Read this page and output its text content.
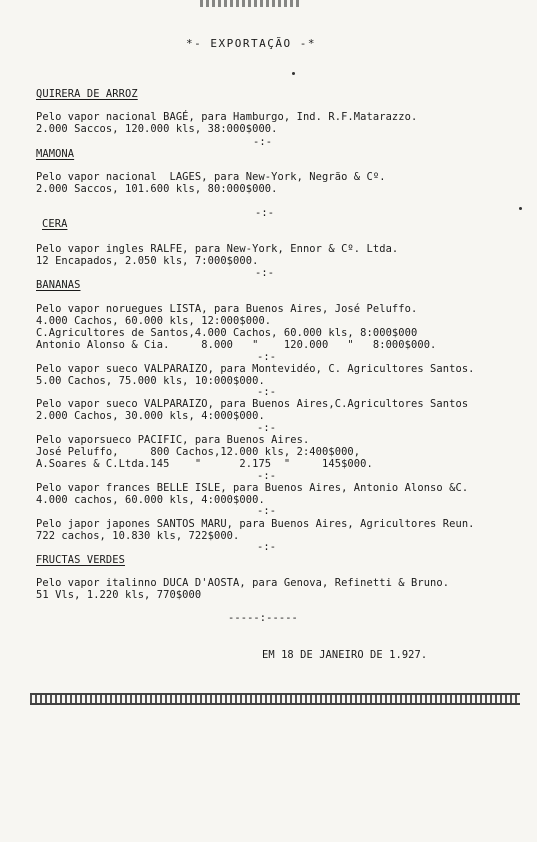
*- EXPORTAÇÃO -*
QUIRERA DE ARROZ
Pelo vapor nacional BAGÉ, para Hamburgo, Ind. R.F.Matarazzo.
2.000 Saccos, 120.000 kls, 38:000$000.
-:-
MAMONA
Pelo vapor nacional  LAGES, para New-York, Negrão & Cº.
2.000 Saccos, 101.600 kls, 80:000$000.
-:-
CERA
Pelo vapor ingles RALFE, para New-York, Ennor & Cº. Ltda.
12 Encapados, 2.050 kls, 7:000$000.
-:-
BANANAS
Pelo vapor noruegues LISTA, para Buenos Aires, José Peluffo.
4.000 Cachos, 60.000 kls, 12:000$000.
C.Agricultores de Santos,4.000 Cachos, 60.000 kls, 8:000$000
Antonio Alonso & Cia.     8.000   "    120.000   "   8:000$000.
-:-
Pelo vapor sueco VALPARAIZO, para Montevidéo, C. Agricultores Santos.
5.00 Cachos, 75.000 kls, 10:000$000.
-:-
Pelo vapor sueco VALPARAIZO, para Buenos Aires,C.Agricultores Santos
2.000 Cachos, 30.000 kls, 4:000$000.
-:-
Pelo vaporsueco PACIFIC, para Buenos Aires.
José Peluffo,     800 Cachos,12.000 kls, 2:400$000,
A.Soares & C.Ltda.145    "      2.175  "     145$000.
-:-
Pelo vapor frances BELLE ISLE, para Buenos Aires, Antonio Alonso &C.
4.000 cachos, 60.000 kls, 4:000$000.
-:-
Pelo japor japones SANTOS MARU, para Buenos Aires, Agricultores Reun.
722 cachos, 10.830 kls, 722$000.
-:-
FRUCTAS VERDES
Pelo vapor italinno DUCA D'AOSTA, para Genova, Refinetti & Bruno.
51 Vls, 1.220 kls, 770$000
-----:-----
EM 18 DE JANEIRO DE 1.927.
